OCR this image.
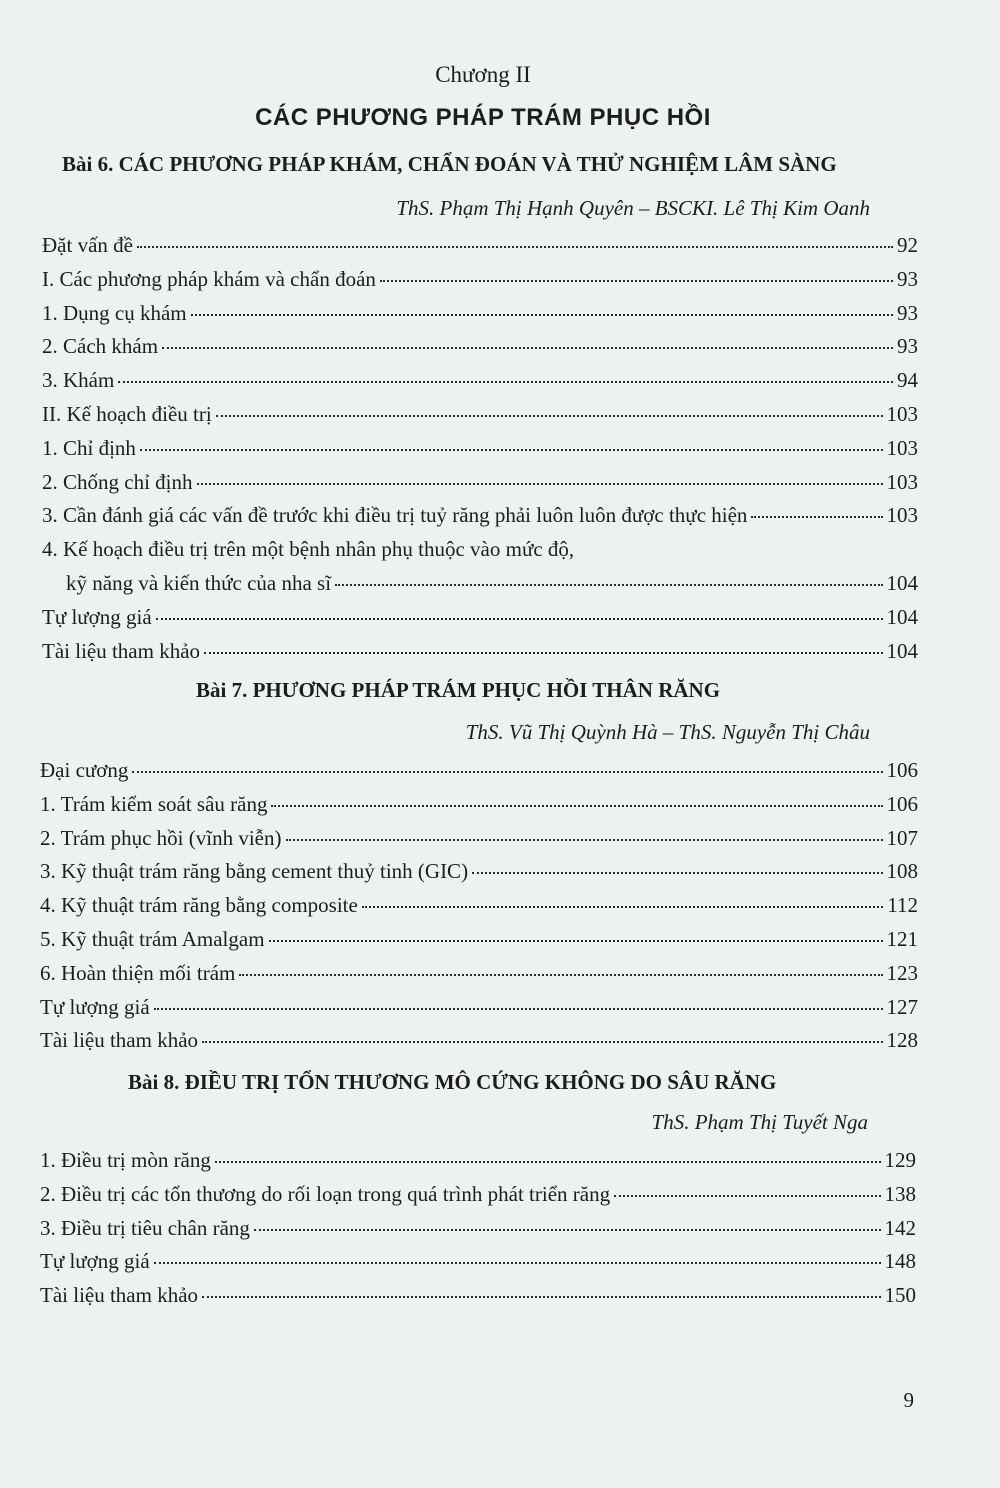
Chương II
CÁC PHƯƠNG PHÁP TRÁM PHỤC HỒI
Bài 6. CÁC PHƯƠNG PHÁP KHÁM, CHẨN ĐOÁN VÀ THỬ NGHIỆM LÂM SÀNG
ThS. Phạm Thị Hạnh Quyên – BSCKI. Lê Thị Kim Oanh
Đặt vấn đề	92
I. Các phương pháp khám và chẩn đoán	93
1. Dụng cụ khám	93
2. Cách khám	93
3. Khám	94
II. Kế hoạch điều trị	103
1. Chỉ định	103
2. Chống chỉ định	103
3. Cần đánh giá các vấn đề trước khi điều trị tuỷ răng phải luôn luôn được thực hiện	103
4. Kế hoạch điều trị trên một bệnh nhân phụ thuộc vào mức độ,
kỹ năng và kiến thức của nha sĩ	104
Tự lượng giá	104
Tài liệu tham khảo	104
Bài 7. PHƯƠNG PHÁP TRÁM PHỤC HỒI THÂN RĂNG
ThS. Vũ Thị Quỳnh Hà – ThS. Nguyễn Thị Châu
Đại cương	106
1. Trám kiểm soát sâu răng	106
2. Trám phục hồi (vĩnh viễn)	107
3. Kỹ thuật trám răng bằng cement thuỷ tinh (GIC)	108
4. Kỹ thuật trám răng bằng composite	112
5. Kỹ thuật trám Amalgam	121
6. Hoàn thiện mối trám	123
Tự lượng giá	127
Tài liệu tham khảo	128
Bài 8. ĐIỀU TRỊ TỔN THƯƠNG MÔ CỨNG KHÔNG DO SÂU RĂNG
ThS. Phạm Thị Tuyết Nga
1. Điều trị mòn răng	129
2. Điều trị các tổn thương do rối loạn trong quá trình phát triển răng	138
3. Điều trị tiêu chân răng	142
Tự lượng giá	148
Tài liệu tham khảo	150
9
